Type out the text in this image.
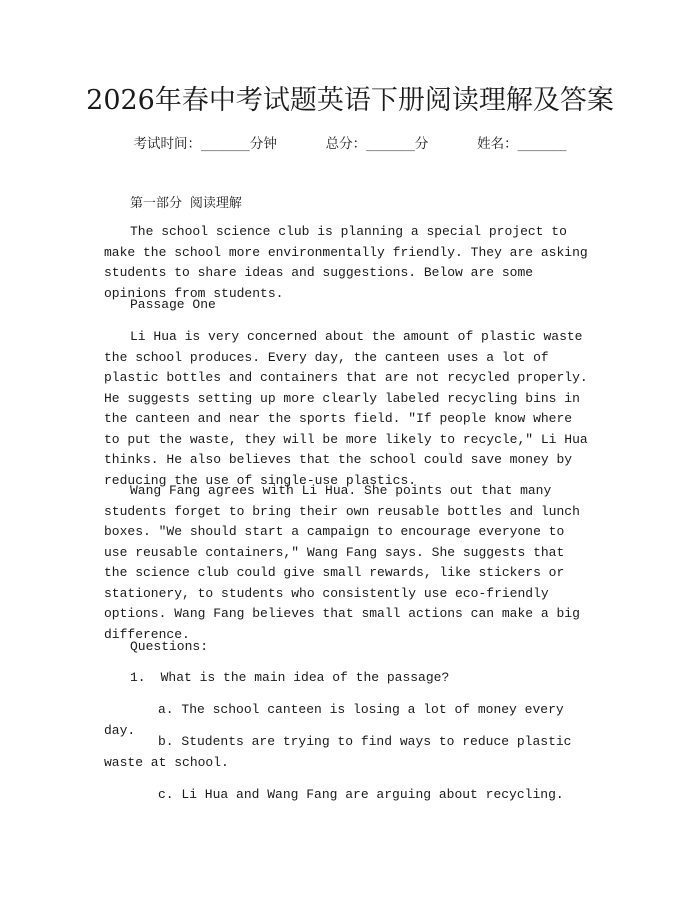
2026年春中考试题英语下册阅读理解及答案
考试时间：______分钟	总分：______分	姓名：______
第一部分 阅读理解

The school science club is planning a special project to make the school more environmentally friendly. They are asking students to share ideas and suggestions. Below are some opinions from students.

Passage One

Li Hua is very concerned about the amount of plastic waste the school produces. Every day, the canteen uses a lot of plastic bottles and containers that are not recycled properly. He suggests setting up more clearly labeled recycling bins in the canteen and near the sports field. "If people know where to put the waste, they will be more likely to recycle," Li Hua thinks. He also believes that the school could save money by reducing the use of single-use plastics.

Wang Fang agrees with Li Hua. She points out that many students forget to bring their own reusable bottles and lunch boxes. "We should start a campaign to encourage everyone to use reusable containers," Wang Fang says. She suggests that the science club could give small rewards, like stickers or stationery, to students who consistently use eco-friendly options. Wang Fang believes that small actions can make a big difference.

Questions:
1. What is the main idea of the passage?

a. The school canteen is losing a lot of money every day.

b. Students are trying to find ways to reduce plastic waste at school.

c. Li Hua and Wang Fang are arguing about recycling.
